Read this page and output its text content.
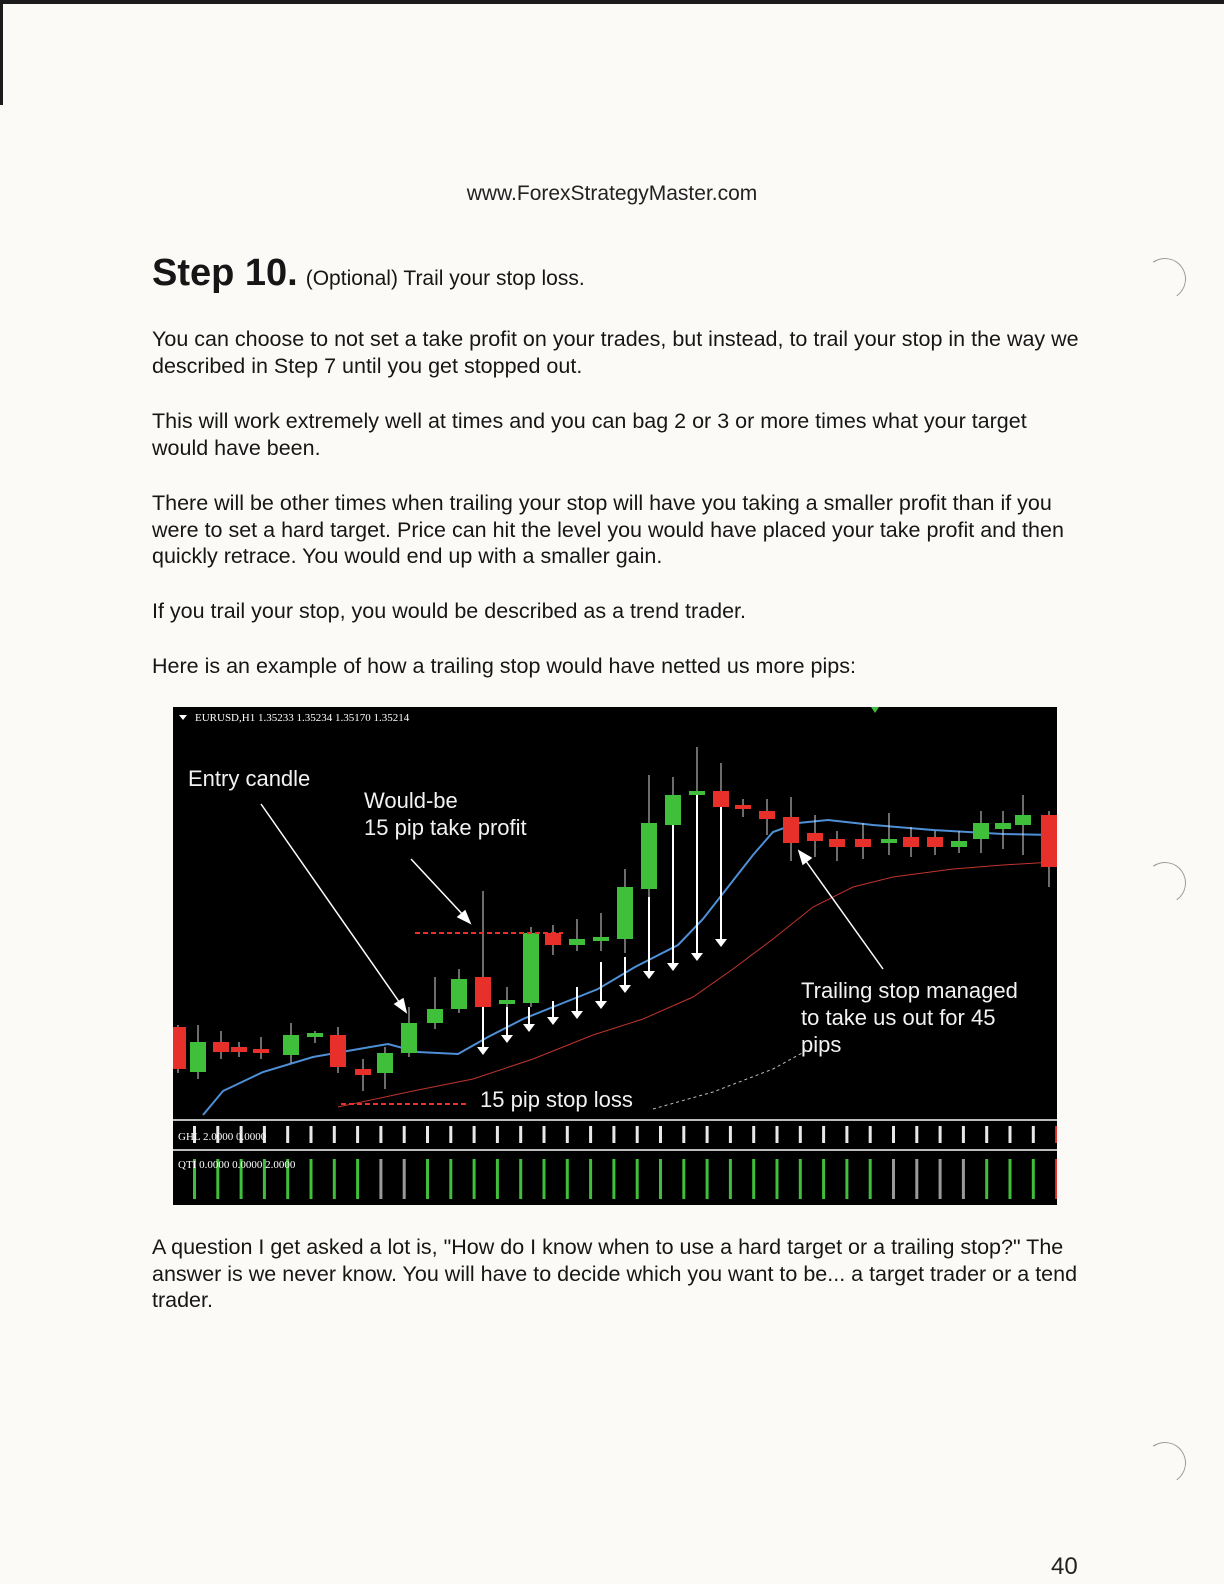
www.ForexStrategyMaster.com
Step 10. (Optional) Trail your stop loss.

You can choose to not set a take profit on your trades, but instead, to trail your stop in the way we described in Step 7 until you get stopped out.

This will work extremely well at times and you can bag 2 or 3 or more times what your target would have been.

There will be other times when trailing your stop will have you taking a smaller profit than if you were to set a hard target. Price can hit the level you would have placed your take profit and then quickly retrace. You would end up with a smaller gain.

If you trail your stop, you would be described as a trend trader.

Here is an example of how a trailing stop would have netted us more pips:

EURUSD,H1 1.35233 1.35234 1.35170 1.35214
Entry candle
Would-be
15 pip take profit
15 pip stop loss
Trailing stop managed
to take us out for 45
pips
GHL 2.0000 0.0000
QTI 0.0000 0.0000 2.0000

A question I get asked a lot is, "How do I know when to use a hard target or a trailing stop?" The answer is we never know. You will have to decide which you want to be... a target trader or a tend trader.

40
